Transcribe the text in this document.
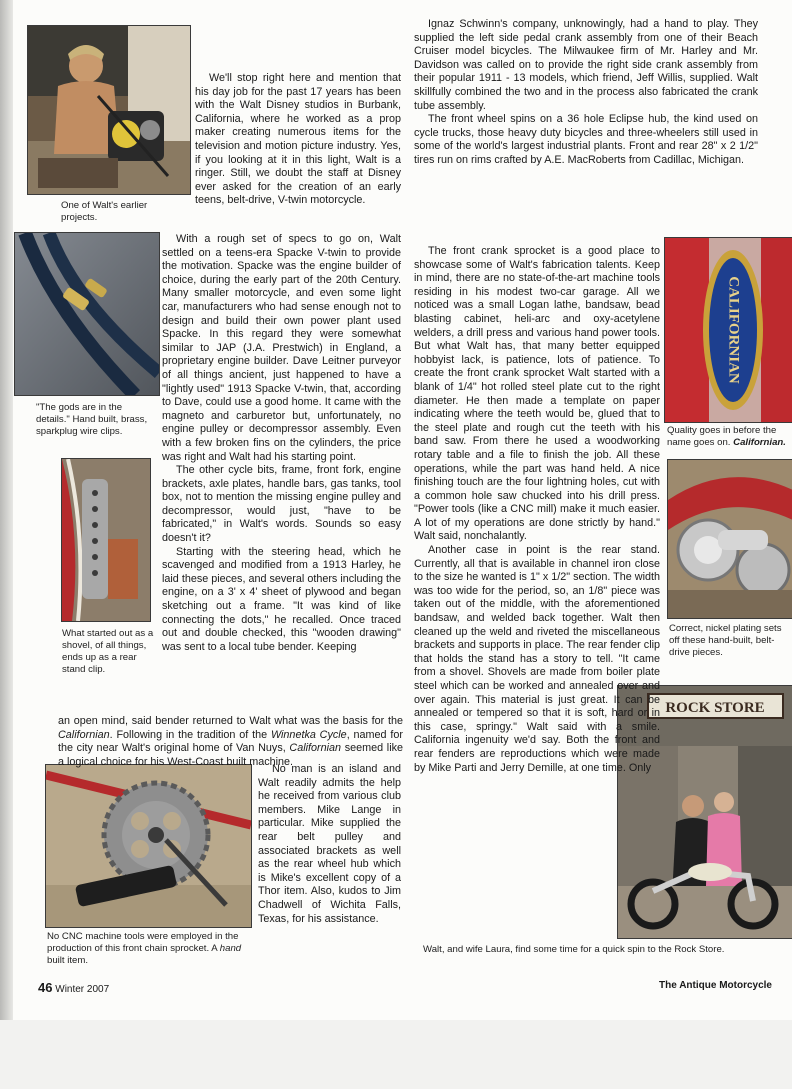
One of Walt's earlier projects.
"The gods are in the details." Hand built, brass, sparkplug wire clips.
What started out as a shovel, of all things, ends up as a rear stand clip.
No CNC machine tools were employed in the production of this front chain sprocket. A hand built item.
CALIFORNIAN
Quality goes in before the name goes on. Californian.
Correct, nickel plating sets off these hand-built, belt-drive pieces.
ROCK STORE
Walt, and wife Laura, find some time for a quick spin to the Rock Store.

We'll stop right here and mention that his day job for the past 17 years has been with the Walt Disney studios in Burbank, California, where he worked as a prop maker creating numerous items for the television and motion picture industry. Yes, if you looking at it in this light, Walt is a ringer. Still, we doubt the staff at Disney ever asked for the creation of an early teens, belt-drive, V-twin motorcycle.

With a rough set of specs to go on, Walt settled on a teens-era Spacke V-twin to provide the motivation. Spacke was the engine builder of choice, during the early part of the 20th Century. Many smaller motorcycle, and even some light car, manufacturers who had sense enough not to design and build their own power plant used Spacke. In this regard they were somewhat similar to JAP (J.A. Prestwich) in England, a proprietary engine builder. Dave Leitner purveyor of all things ancient, just happened to have a "lightly used" 1913 Spacke V-twin, that, according to Dave, could use a good home. It came with the magneto and carburetor but, unfortunately, no engine pulley or decompressor assembly. Even with a few broken fins on the cylinders, the price was right and Walt had his starting point.

The other cycle bits, frame, front fork, engine brackets, axle plates, handle bars, gas tanks, tool box, not to mention the missing engine pulley and decompressor, would just, "have to be fabricated," in Walt's words. Sounds so easy doesn't it?

Starting with the steering head, which he scavenged and modified from a 1913 Harley, he laid these pieces, and several others including the engine, on a 3' x 4' sheet of plywood and began sketching out a frame. "It was kind of like connecting the dots," he recalled. Once traced out and double checked, this "wooden drawing" was sent to a local tube bender. Keeping

an open mind, said bender returned to Walt what was the basis for the Californian. Following in the tradition of the Winnetka Cycle, named for the city near Walt's original home of Van Nuys, Californian seemed like a logical choice for his West-Coast built machine.

No man is an island and Walt readily admits the help he received from various club members. Mike Lange in particular. Mike supplied the rear belt pulley and associated brackets as well as the rear wheel hub which is Mike's excellent copy of a Thor item. Also, kudos to Jim Chadwell of Wichita Falls, Texas, for his assistance.

Ignaz Schwinn's company, unknowingly, had a hand to play. They supplied the left side pedal crank assembly from one of their Beach Cruiser model bicycles. The Milwaukee firm of Mr. Harley and Mr. Davidson was called on to provide the right side crank assembly from their popular 1911 - 13 models, which friend, Jeff Willis, supplied. Walt skillfully combined the two and in the process also fabricated the crank tube assembly.

The front wheel spins on a 36 hole Eclipse hub, the kind used on cycle trucks, those heavy duty bicycles and three-wheelers still used in some of the world's largest industrial plants. Front and rear 28" x 2 1/2" tires run on rims crafted by A.E. MacRoberts from Cadillac, Michigan.

The front crank sprocket is a good place to showcase some of Walt's fabrication talents. Keep in mind, there are no state-of-the-art machine tools residing in his modest two-car garage. All we noticed was a small Logan lathe, bandsaw, bead blasting cabinet, heli-arc and oxy-acetylene welders, a drill press and various hand power tools. But what Walt has, that many better equipped hobbyist lack, is patience, lots of patience. To create the front crank sprocket Walt started with a blank of 1/4" hot rolled steel plate cut to the right diameter. He then made a template on paper indicating where the teeth would be, glued that to the steel plate and rough cut the teeth with his band saw. From there he used a woodworking rotary table and a file to finish the job. All these operations, while the part was hand held. A nice finishing touch are the four lightning holes, cut with a common hole saw chucked into his drill press. "Power tools (like a CNC mill) make it much easier. A lot of my operations are done strictly by hand." Walt said, nonchalantly.

Another case in point is the rear stand. Currently, all that is available in channel iron close to the size he wanted is 1" x 1/2" section. The width was too wide for the period, so, an 1/8" piece was taken out of the middle, with the aforementioned bandsaw, and welded back together. Walt then cleaned up the weld and riveted the miscellaneous brackets and supports in place. The rear fender clip that holds the stand has a story to tell. "It came from a shovel. Shovels are made from boiler plate steel which can be worked and annealed over and over again. This material is just great. It can be annealed or tempered so that it is soft, hard or in this case, springy." Walt said with a smile. California ingenuity we'd say. Both the front and rear fenders are reproductions which were made by Mike Parti and Jerry Demille, at one time. Only

46 Winter 2007	The Antique Motorcycle
